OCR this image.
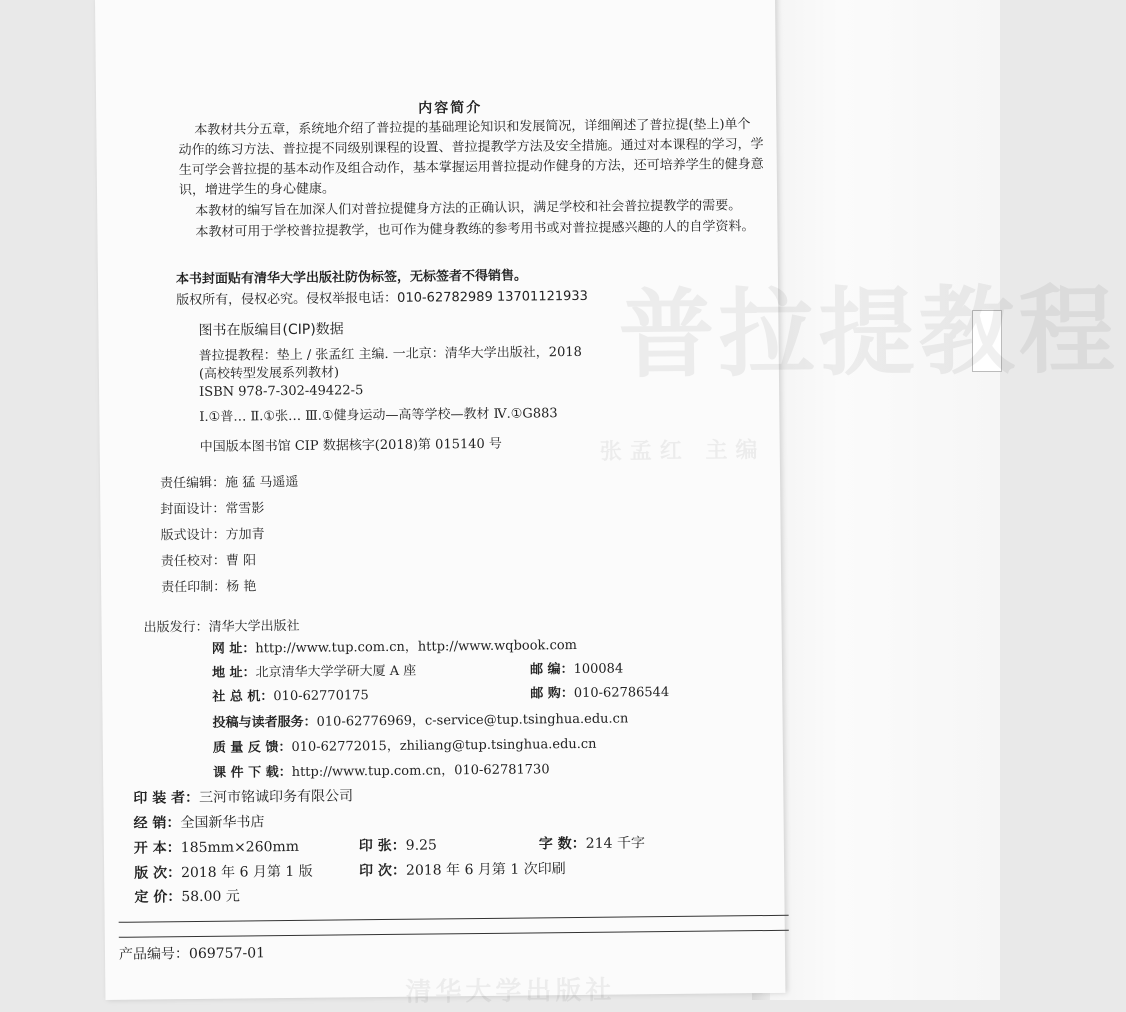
内容简介
本教材共分五章，系统地介绍了普拉提的基础理论知识和发展简况，详细阐述了普拉提(垫上)单个
动作的练习方法、普拉提不同级别课程的设置、普拉提教学方法及安全措施。通过对本课程的学习，学
生可学会普拉提的基本动作及组合动作，基本掌握运用普拉提动作健身的方法，还可培养学生的健身意
识，增进学生的身心健康。
本教材的编写旨在加深人们对普拉提健身方法的正确认识，满足学校和社会普拉提教学的需要。
本教材可用于学校普拉提教学，也可作为健身教练的参考用书或对普拉提感兴趣的人的自学资料。
本书封面贴有清华大学出版社防伪标签，无标签者不得销售。
版权所有，侵权必究。侵权举报电话：010-62782989 13701121933
图书在版编目(CIP)数据
普拉提教程：垫上 / 张孟红 主编. 一北京：清华大学出版社，2018
(高校转型发展系列教材)
ISBN 978-7-302-49422-5
Ⅰ.①普… Ⅱ.①张… Ⅲ.①健身运动—高等学校—教材 Ⅳ.①G883
中国版本图书馆 CIP 数据核字(2018)第 015140 号	张孟红 主编
责任编辑：施 猛 马遥遥
封面设计：常雪影
版式设计：方加青
责任校对：曹 阳
责任印制：杨 艳
出版发行：清华大学出版社
网 址：http://www.tup.com.cn，http://www.wqbook.com
地 址：北京清华大学学研大厦 A 座	邮 编：100084
社 总 机：010-62770175	邮 购：010-62786544
投稿与读者服务：010-62776969，c-service@tup.tsinghua.edu.cn
质 量 反 馈：010-62772015，zhiliang@tup.tsinghua.edu.cn
课 件 下 载：http://www.tup.com.cn，010-62781730
印 装 者：三河市铭诚印务有限公司
经 销：全国新华书店
开 本：185mm×260mm	印 张：9.25	字 数：214 千字
版 次：2018 年 6 月第 1 版	印 次：2018 年 6 月第 1 次印刷
定 价：58.00 元
产品编号：069757-01
清华大学出版社
